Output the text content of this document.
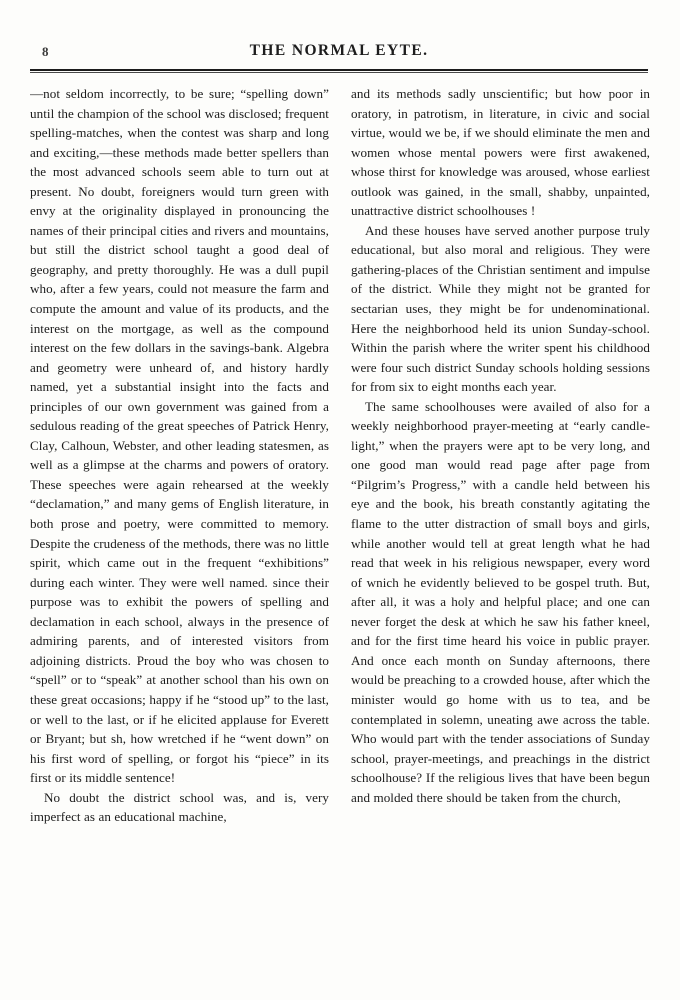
8	THE NORMAL EYTE.

—not seldom incorrectly, to be sure; “spelling down” until the champion of the school was disclosed; frequent spelling-matches, when the contest was sharp and long and exciting,—these methods made better spellers than the most advanced schools seem able to turn out at present. No doubt, foreigners would turn green with envy at the originality displayed in pronouncing the names of their principal cities and rivers and mountains, but still the district school taught a good deal of geography, and pretty thoroughly. He was a dull pupil who, after a few years, could not measure the farm and compute the amount and value of its products, and the interest on the mortgage, as well as the compound interest on the few dollars in the savings-bank. Algebra and geometry were unheard of, and history hardly named, yet a substantial insight into the facts and principles of our own government was gained from a sedulous reading of the great speeches of Patrick Henry, Clay, Calhoun, Webster, and other leading statesmen, as well as a glimpse at the charms and powers of oratory. These speeches were again rehearsed at the weekly “declamation,” and many gems of English literature, in both prose and poetry, were committed to memory. Despite the crudeness of the methods, there was no little spirit, which came out in the frequent “exhibitions” during each winter. They were well named. since their purpose was to exhibit the powers of spelling and declamation in each school, always in the presence of admiring parents, and of interested visitors from adjoining districts. Proud the boy who was chosen to “spell” or to “speak” at another school than his own on these great occasions; happy if he “stood up” to the last, or well to the last, or if he elicited applause for Everett or Bryant; but sh, how wretched if he “went down” on his first word of spelling, or forgot his “piece” in its first or its middle sentence!

No doubt the district school was, and is, very imperfect as an educational machine,

and its methods sadly unscientific; but how poor in oratory, in patrotism, in literature, in civic and social virtue, would we be, if we should eliminate the men and women whose mental powers were first awakened, whose thirst for knowledge was aroused, whose earliest outlook was gained, in the small, shabby, unpainted, unattractive district schoolhouses !

And these houses have served another purpose truly educational, but also moral and religious. They were gathering-places of the Christian sentiment and impulse of the district. While they might not be granted for sectarian uses, they might be for undenominational. Here the neighborhood held its union Sunday-school. Within the parish where the writer spent his childhood were four such district Sunday schools holding sessions for from six to eight months each year.

The same schoolhouses were availed of also for a weekly neighborhood prayer-meeting at “early candle-light,” when the prayers were apt to be very long, and one good man would read page after page from “Pilgrim’s Progress,” with a candle held between his eye and the book, his breath constantly agitating the flame to the utter distraction of small boys and girls, while another would tell at great length what he had read that week in his religious newspaper, every word of wnich he evidently believed to be gospel truth. But, after all, it was a holy and helpful place; and one can never forget the desk at which he saw his father kneel, and for the first time heard his voice in public prayer. And once each month on Sunday afternoons, there would be preaching to a crowded house, after which the minister would go home with us to tea, and be contemplated in solemn, uneating awe across the table. Who would part with the tender associations of Sunday school, prayer-meetings, and preachings in the district schoolhouse? If the religious lives that have been begun and molded there should be taken from the church,
